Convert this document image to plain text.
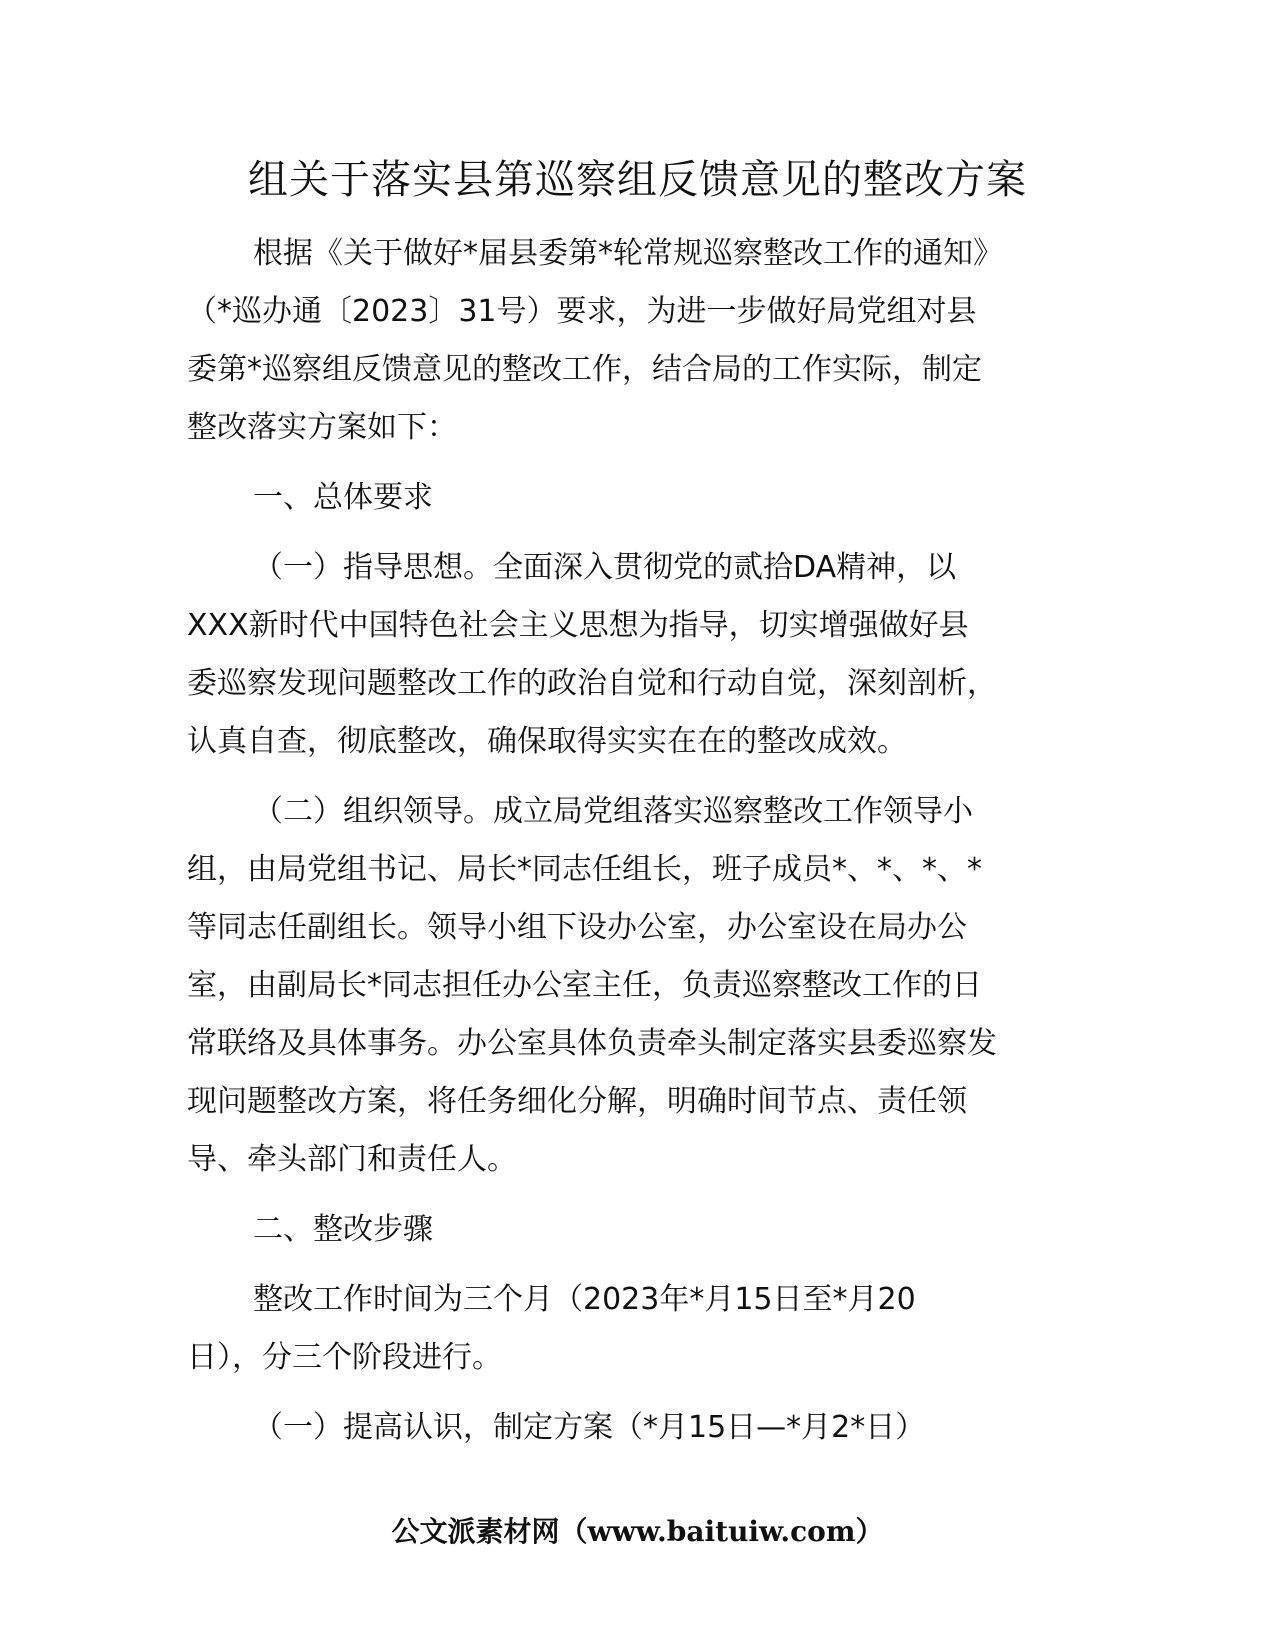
组关于落实县第巡察组反馈意见的整改方案

根据《关于做好*届县委第*轮常规巡察整改工作的通知》

（*巡办通〔2023〕31号）要求，为进一步做好局党组对县

委第*巡察组反馈意见的整改工作，结合局的工作实际，制定

整改落实方案如下：

一、总体要求

（一）指导思想。全面深入贯彻党的贰拾DA精神，以

XXX新时代中国特色社会主义思想为指导，切实增强做好县

委巡察发现问题整改工作的政治自觉和行动自觉，深刻剖析，

认真自查，彻底整改，确保取得实实在在的整改成效。

（二）组织领导。成立局党组落实巡察整改工作领导小

组，由局党组书记、局长*同志任组长，班子成员*、*、*、*

等同志任副组长。领导小组下设办公室，办公室设在局办公

室，由副局长*同志担任办公室主任，负责巡察整改工作的日

常联络及具体事务。办公室具体负责牵头制定落实县委巡察发

现问题整改方案，将任务细化分解，明确时间节点、责任领

导、牵头部门和责任人。

二、整改步骤

整改工作时间为三个月（2023年*月15日至*月20

日），分三个阶段进行。

（一）提高认识，制定方案（*月15日—*月2*日）

公文派素材网（www.baituiw.com）
